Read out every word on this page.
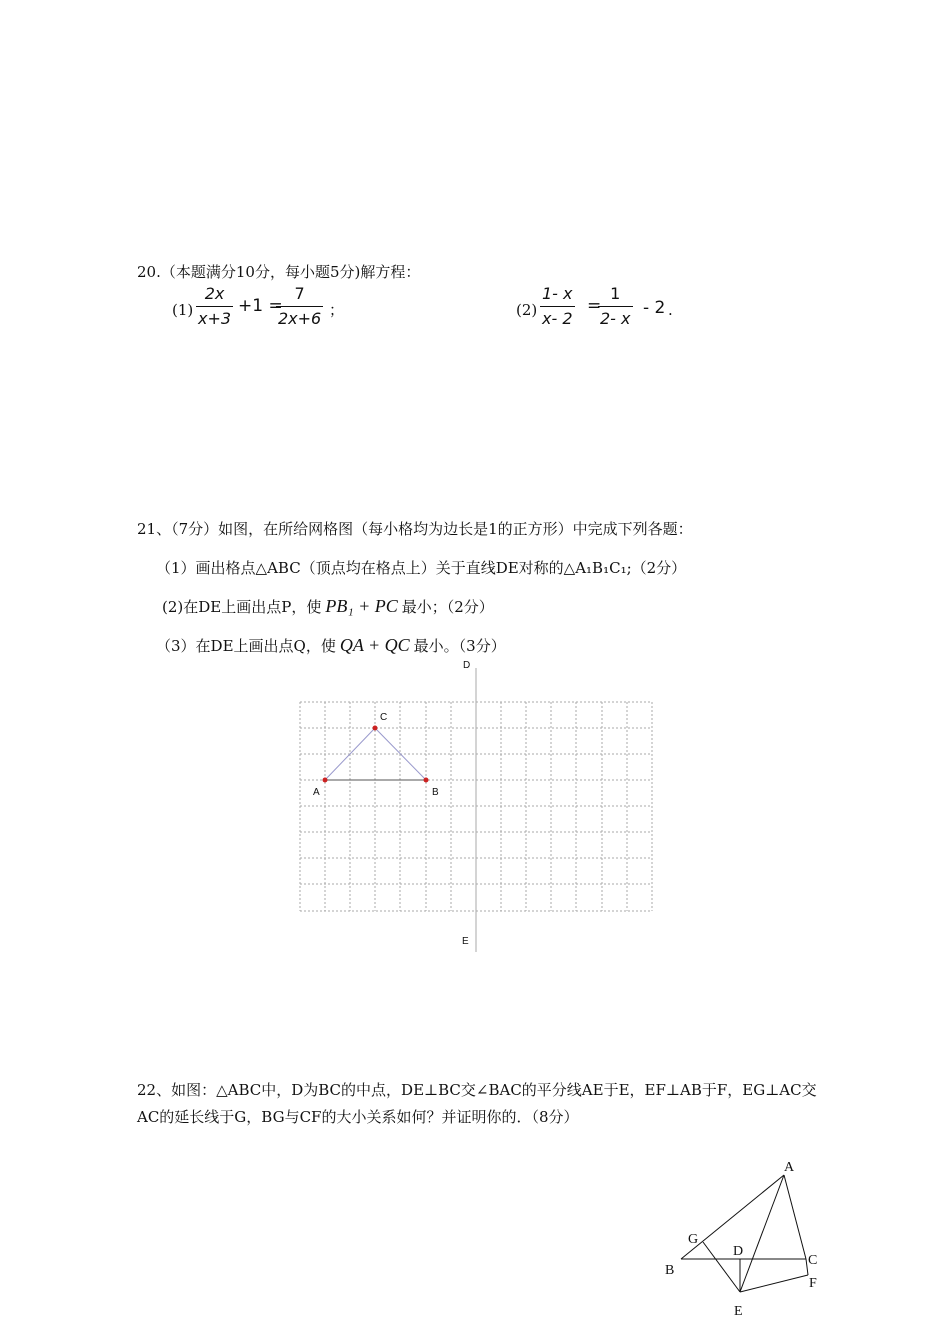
20.（本题满分10分，每小题5分)解方程：
(1)
2x
x+3
+1 =
7
2x+6 ；	(2)
1- x
x- 2
=
1
2- x
- 2 .
21、（7分）如图，在所给网格图（每小格均为边长是1的正方形）中完成下列各题：
（1）画出格点△ABC（顶点均在格点上）关于直线DE对称的△A₁B₁C₁;（2分）
(2)在DE上画出点P，使 PB₁ + PC 最小；（2分）
（3）在DE上画出点Q，使 QA + QC 最小。（3分）
D
E
A	B
C
22、如图：△ABC中，D为BC的中点，DE⊥BC交∠BAC的平分线AE于E，EF⊥AB于F，EG⊥AC交
AC的延长线于G，BG与CF的大小关系如何？并证明你的．（8分）
A
G
D
C
B
F
E
